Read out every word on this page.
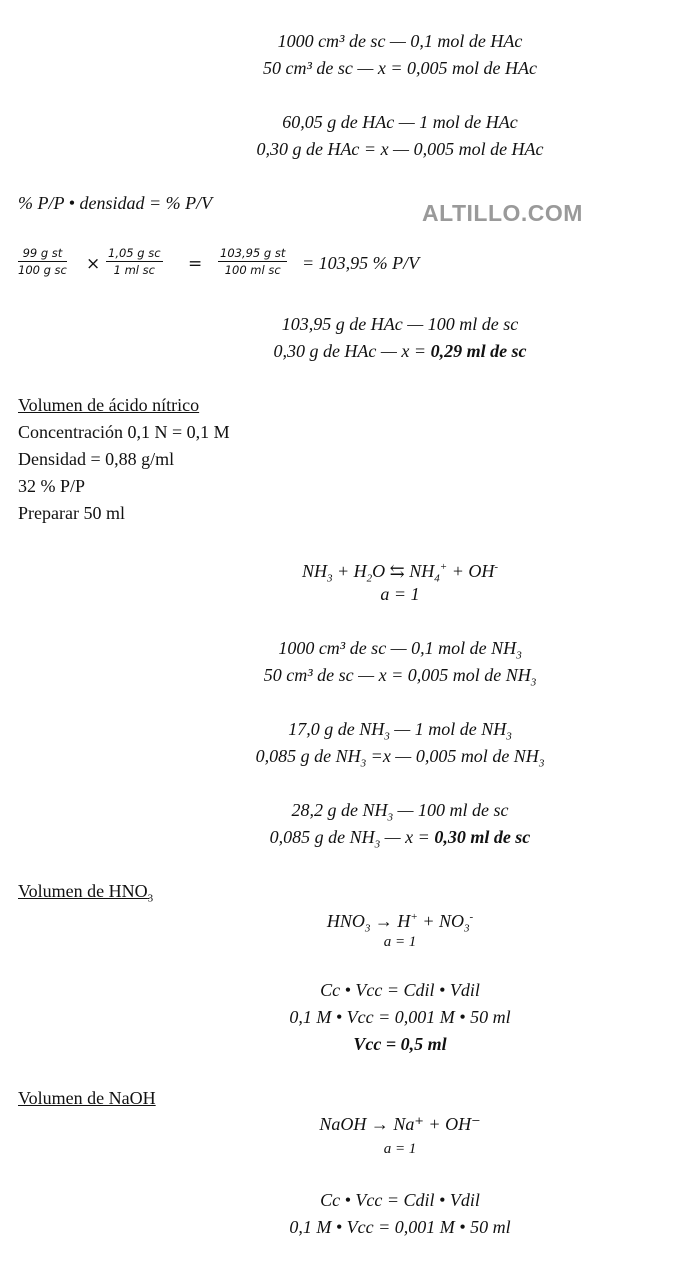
1000 cm³ de sc — 0,1 mol de HAc
50 cm³ de sc — x = 0,005 mol de HAc
60,05 g de HAc — 1 mol de HAc
0,30 g de HAc = x — 0,005 mol de HAc
% P/P • densidad = % P/V	ALTILLO.COM
$\frac{\text{99 g st}}{\text{100 g sc}} \times \frac{\text{1,05 g sc}}{\text{1 ml sc}} = \frac{\text{103,95 g st}}{\text{100 ml sc}} = 103,95$ % P/V
103,95 g de HAc — 100 ml de sc
0,30 g de HAc — x = 0,29 ml de sc
Volumen de ácido nítrico
Concentración 0,1 N = 0,1 M
Densidad = 0,88 g/ml
32 % P/P
Preparar 50 ml
$NH_3 + H_2O$ ⇆ $NH_4^+ + OH^-$
a = 1
1000 cm³ de sc — 0,1 mol de $NH_3$
50 cm³ de sc — x = 0,005 mol de $NH_3$
17,0 g de $NH_3$ — 1 mol de $NH_3$
0,085 g de $NH_3 =x$ — 0,005 mol de $NH_3$
28,2 g de $NH_3$ — 100 ml de sc
0,085 g de $NH_3$ — x = 0,30 ml de sc
Volumen de $HNO_3$
$HNO_3 \to H^+ + NO_3^-$
a = 1
Cc • Vcc = Cdil • Vdil
0,1 M • Vcc = 0,001 M • 50 ml
Vcc = 0,5 ml
Volumen de NaOH
NaOH → Na⁺ + OH⁻
a = 1
Cc • Vcc = Cdil • Vdil
0,1 M • Vcc = 0,001 M • 50 ml
